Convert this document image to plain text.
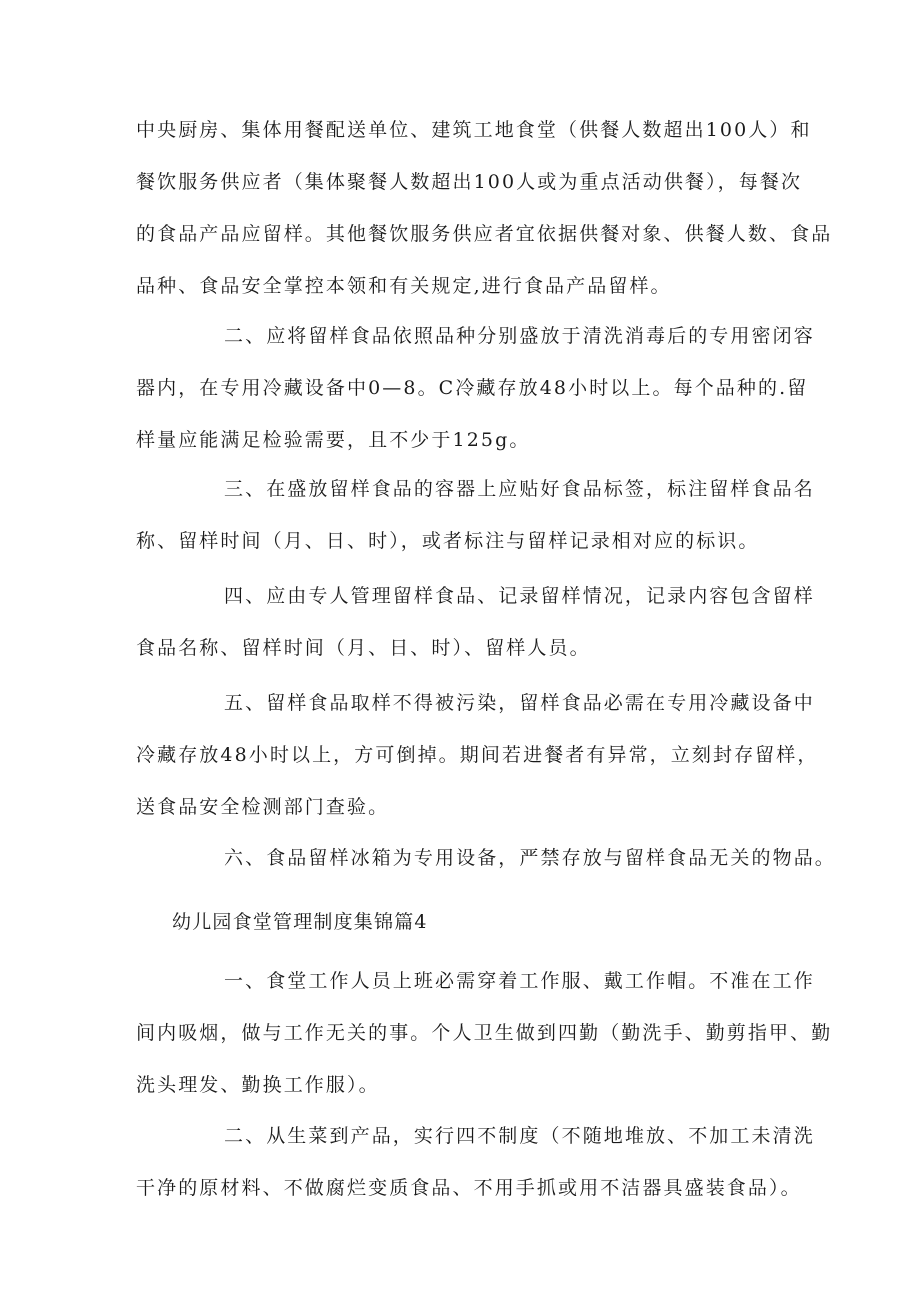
中央厨房、集体用餐配送单位、建筑工地食堂（供餐人数超出100人）和
餐饮服务供应者（集体聚餐人数超出100人或为重点活动供餐），每餐次
的食品产品应留样。其他餐饮服务供应者宜依据供餐对象、供餐人数、食品
品种、食品安全掌控本领和有关规定,进行食品产品留样。
二、应将留样食品依照品种分别盛放于清洗消毒后的专用密闭容
器内，在专用冷藏设备中0—8。C冷藏存放48小时以上。每个品种的.留
样量应能满足检验需要，且不少于125g。
三、在盛放留样食品的容器上应贴好食品标签，标注留样食品名
称、留样时间（月、日、时），或者标注与留样记录相对应的标识。
四、应由专人管理留样食品、记录留样情况，记录内容包含留样
食品名称、留样时间（月、日、时）、留样人员。
五、留样食品取样不得被污染，留样食品必需在专用冷藏设备中
冷藏存放48小时以上，方可倒掉。期间若进餐者有异常，立刻封存留样，
送食品安全检测部门查验。
六、食品留样冰箱为专用设备，严禁存放与留样食品无关的物品。
幼儿园食堂管理制度集锦篇4
一、食堂工作人员上班必需穿着工作服、戴工作帽。不准在工作
间内吸烟，做与工作无关的事。个人卫生做到四勤（勤洗手、勤剪指甲、勤
洗头理发、勤换工作服）。
二、从生菜到产品，实行四不制度（不随地堆放、不加工未清洗
干净的原材料、不做腐烂变质食品、不用手抓或用不洁器具盛装食品）。
